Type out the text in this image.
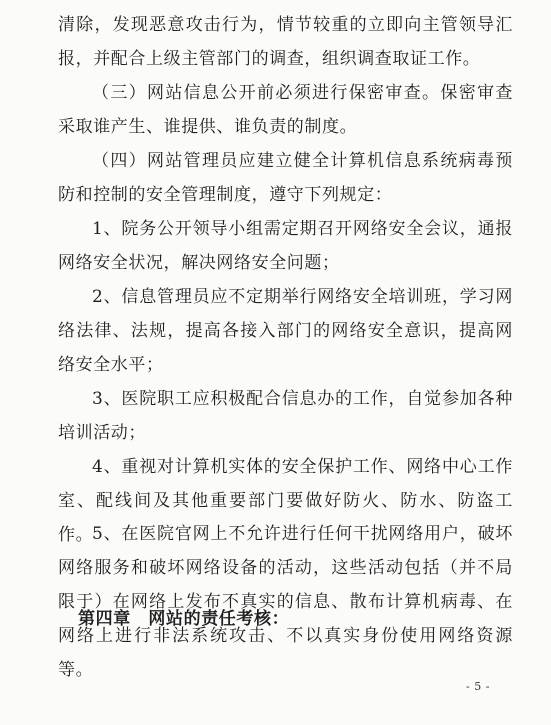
清除，发现恶意攻击行为，情节较重的立即向主管领导汇报，并配合上级主管部门的调查，组织调查取证工作。

（三）网站信息公开前必须进行保密审查。保密审查采取谁产生、谁提供、谁负责的制度。

（四）网站管理员应建立健全计算机信息系统病毒预防和控制的安全管理制度，遵守下列规定：

1、院务公开领导小组需定期召开网络安全会议，通报网络安全状况，解决网络安全问题；

2、信息管理员应不定期举行网络安全培训班，学习网络法律、法规，提高各接入部门的网络安全意识，提高网络安全水平；

3、医院职工应积极配合信息办的工作，自觉参加各种培训活动；

4、重视对计算机实体的安全保护工作、网络中心工作室、配线间及其他重要部门要做好防火、防水、防盗工作。

5、在医院官网上不允许进行任何干扰网络用户，破坏网络服务和破坏网络设备的活动，这些活动包括（并不局限于）在网络上发布不真实的信息、散布计算机病毒、在网络上进行非法系统攻击、不以真实身份使用网络资源等。

第四章　网站的责任考核：

- 5 -
